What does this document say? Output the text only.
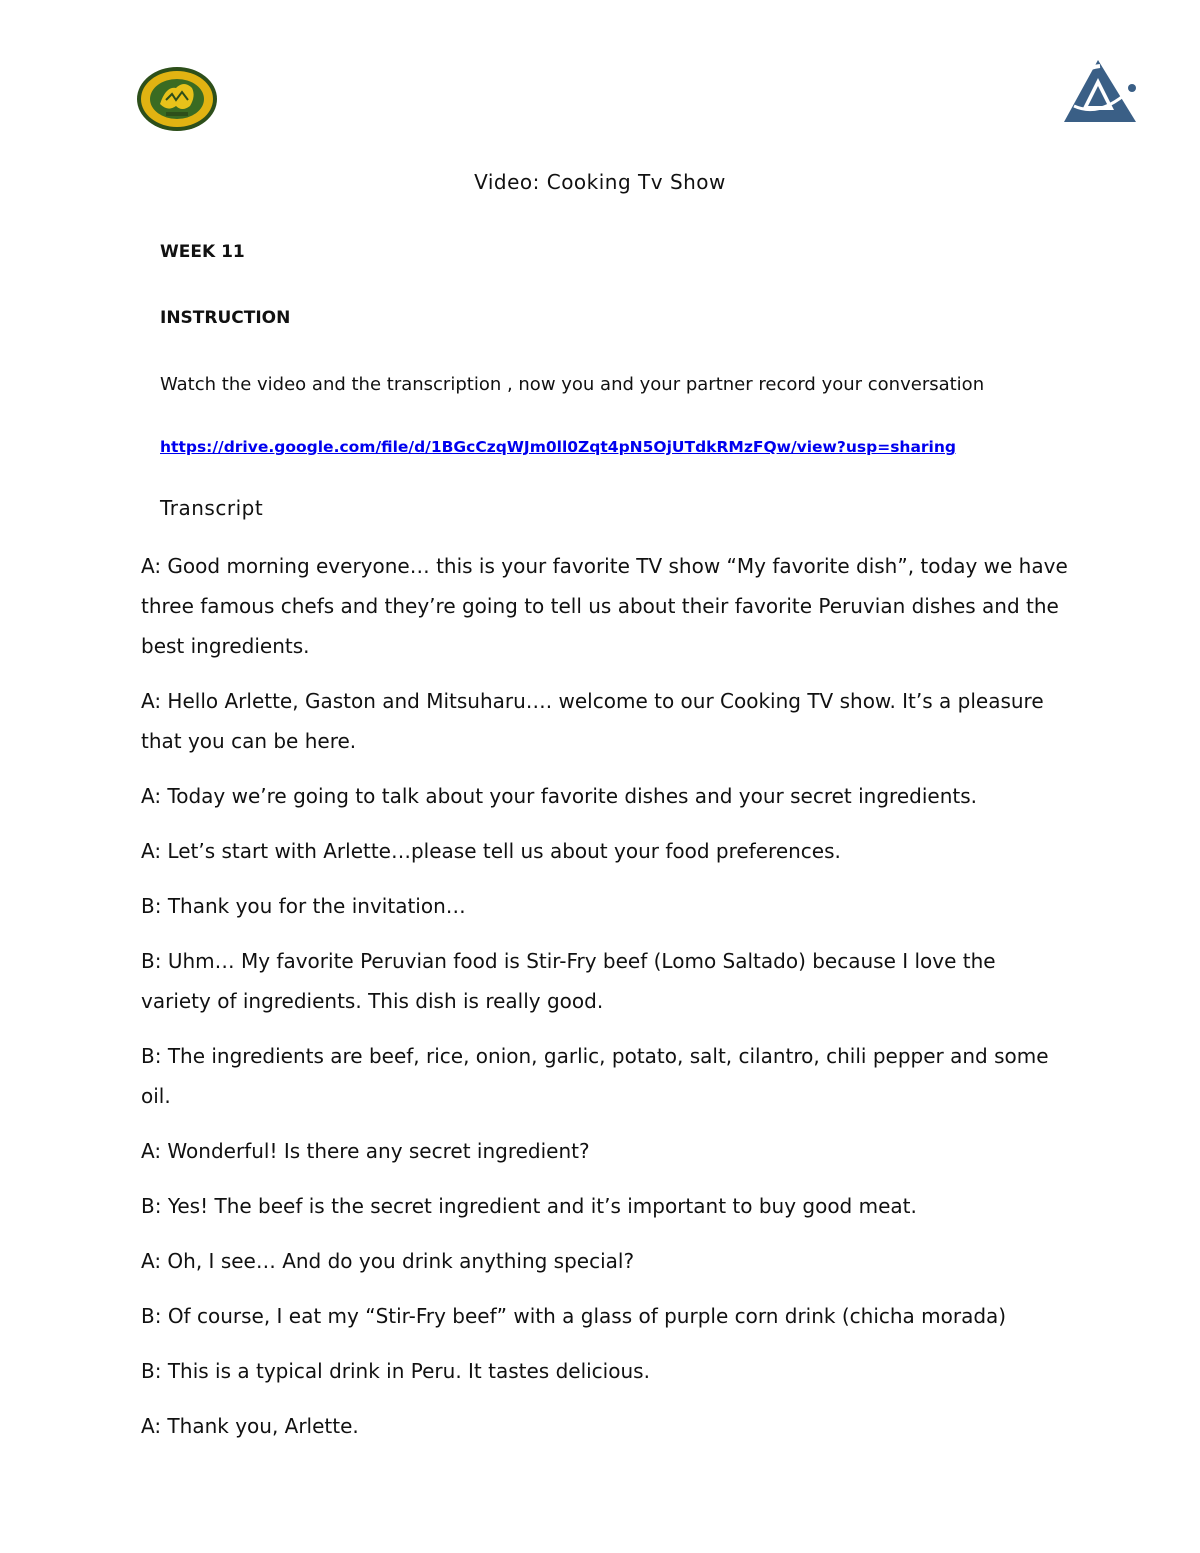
Video: Cooking Tv Show
WEEK 11
INSTRUCTION
Watch the video and the transcription , now you and your partner record your conversation
https://drive.google.com/file/d/1BGcCzqWJm0ll0Zqt4pN5OjUTdkRMzFQw/view?usp=sharing
Transcript

A: Good morning everyone… this is your favorite TV show “My favorite dish”, today we have three famous chefs and they’re going to tell us about their favorite Peruvian dishes and the best ingredients.

A: Hello Arlette, Gaston and Mitsuharu…. welcome to our Cooking TV show. It’s a pleasure that you can be here.

A: Today we’re going to talk about your favorite dishes and your secret ingredients.

A: Let’s start with Arlette…please tell us about your food preferences.

B: Thank you for the invitation…

B: Uhm… My favorite Peruvian food is Stir-Fry beef (Lomo Saltado) because I love the variety of ingredients. This dish is really good.

B: The ingredients are beef, rice, onion, garlic, potato, salt, cilantro, chili pepper and some oil.

A: Wonderful! Is there any secret ingredient?

B: Yes! The beef is the secret ingredient and it’s important to buy good meat.

A: Oh, I see… And do you drink anything special?

B: Of course, I eat my “Stir-Fry beef” with a glass of purple corn drink (chicha morada)

B: This is a typical drink in Peru. It tastes delicious.

A: Thank you, Arlette.
